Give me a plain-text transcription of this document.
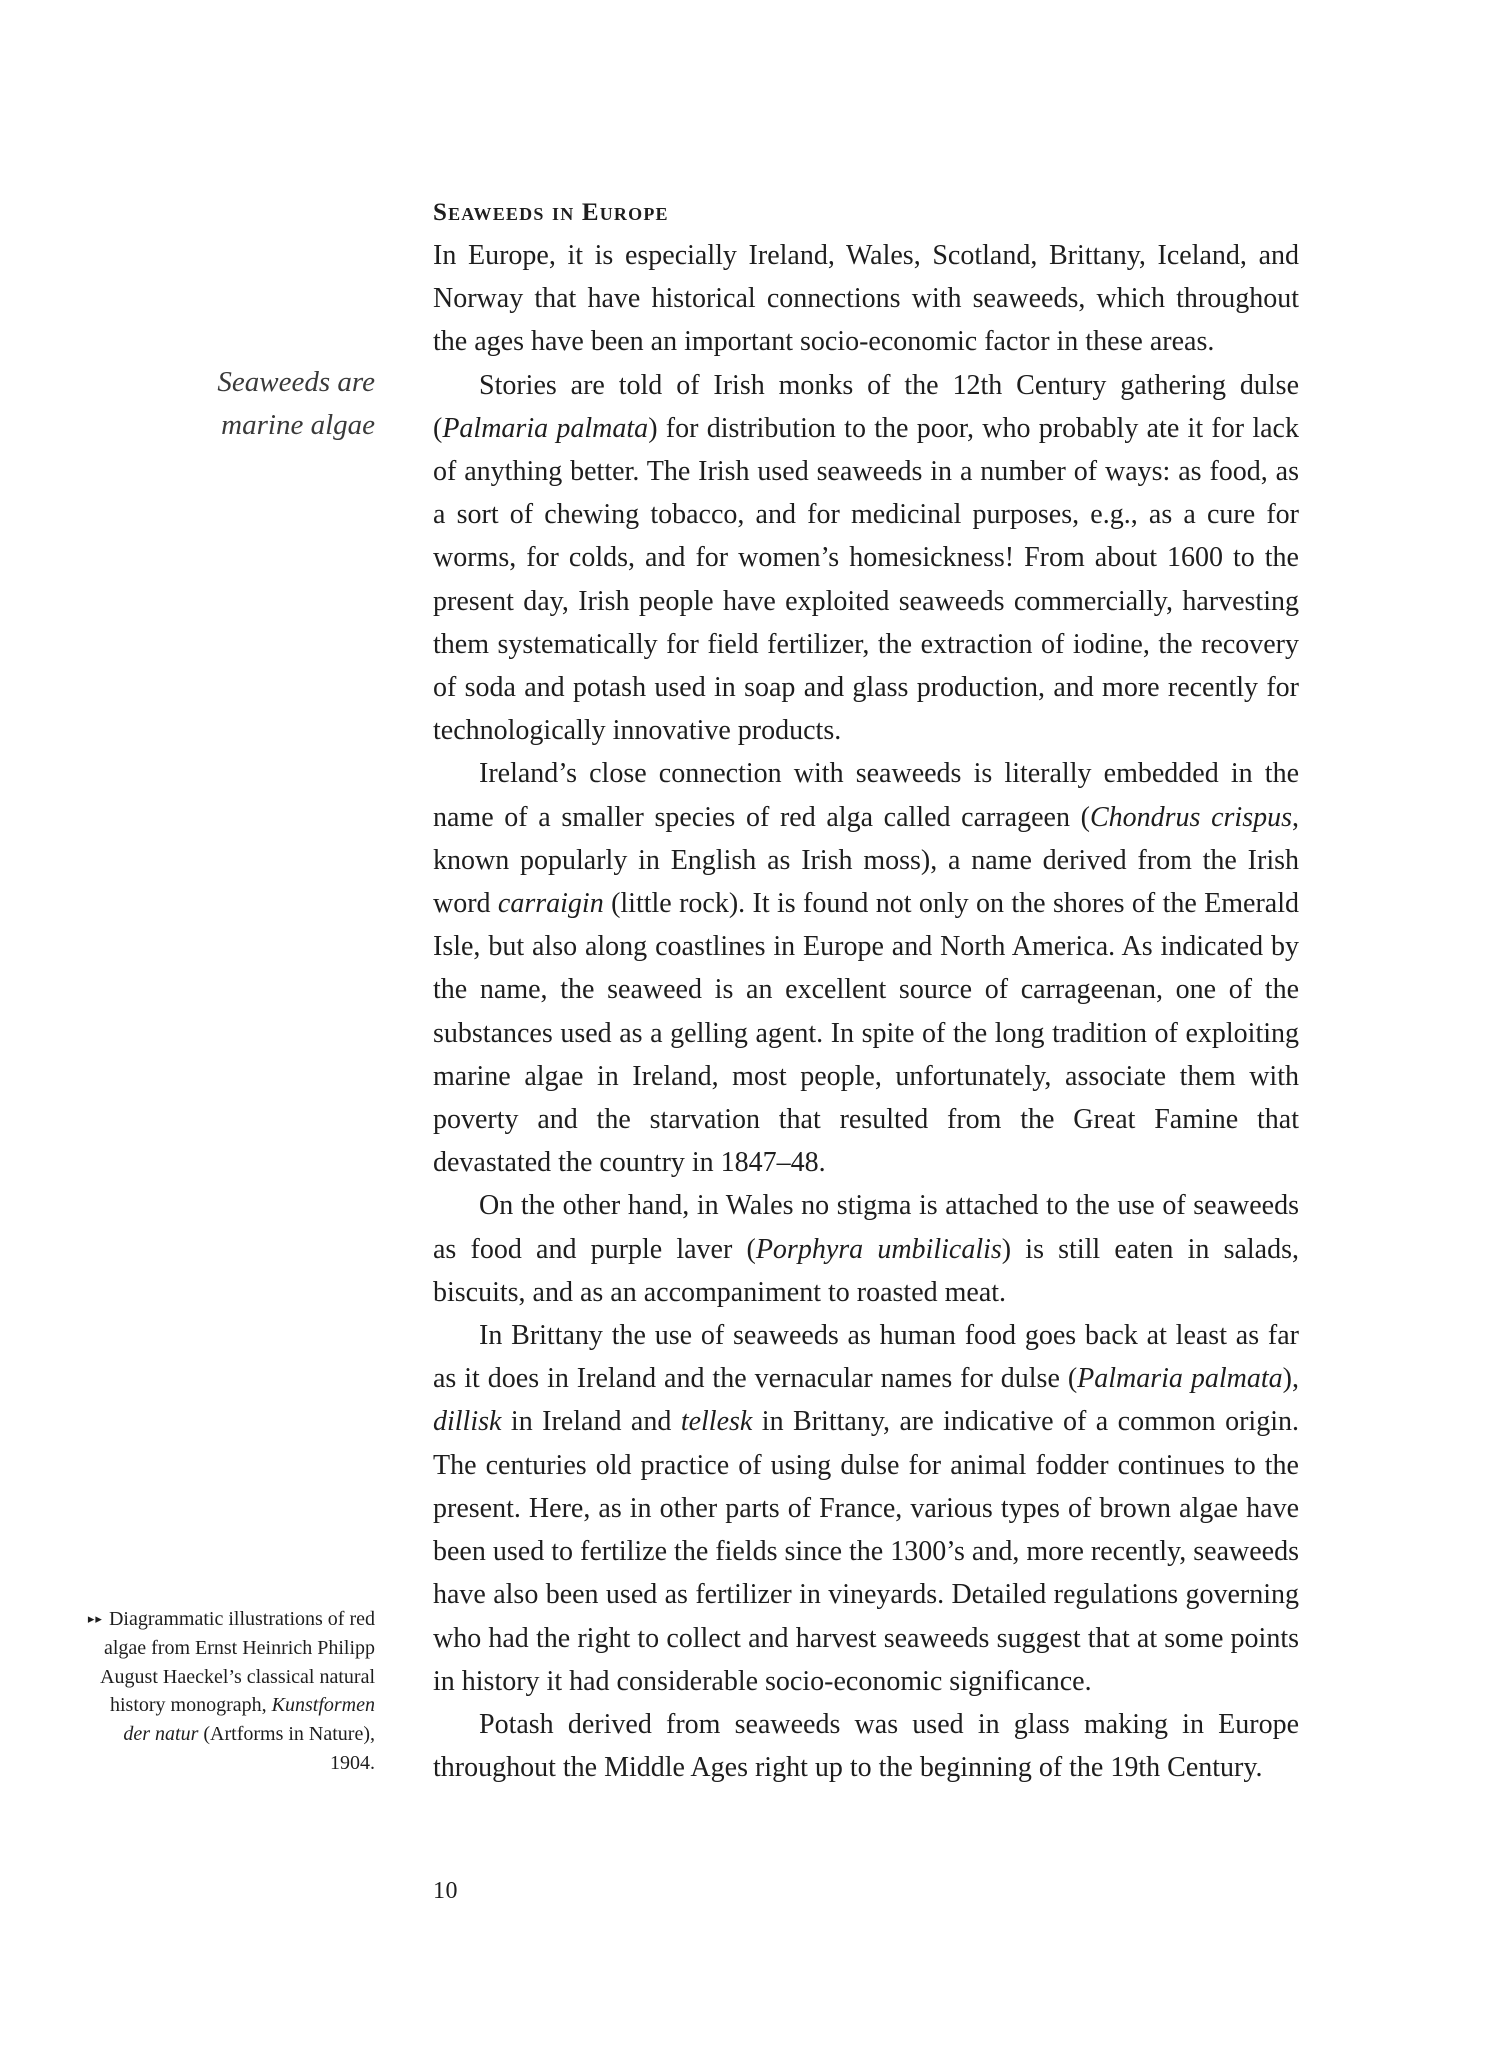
Seaweeds are
marine algae
Seaweeds in Europe

In Europe, it is especially Ireland, Wales, Scotland, Brittany, Iceland, and Norway that have historical connections with seaweeds, which throughout the ages have been an important socio-economic factor in these areas.

Stories are told of Irish monks of the 12th Century gathering dulse (Palmaria palmata) for distribution to the poor, who probably ate it for lack of anything better. The Irish used seaweeds in a number of ways: as food, as a sort of chewing tobacco, and for medicinal purposes, e.g., as a cure for worms, for colds, and for women’s homesickness! From about 1600 to the present day, Irish people have exploited seaweeds commercially, harvesting them systematically for field fertilizer, the extraction of iodine, the recovery of soda and potash used in soap and glass production, and more recently for technologically innovative products.

Ireland’s close connection with seaweeds is literally embedded in the name of a smaller species of red alga called carrageen (Chondrus crispus, known popularly in English as Irish moss), a name derived from the Irish word carraigin (little rock). It is found not only on the shores of the Emerald Isle, but also along coastlines in Europe and North America. As indicated by the name, the seaweed is an excellent source of carrageenan, one of the substances used as a gelling agent. In spite of the long tradition of exploiting marine algae in Ireland, most people, unfortunately, associate them with poverty and the starvation that resulted from the Great Famine that devastated the country in 1847–48.

On the other hand, in Wales no stigma is attached to the use of seaweeds as food and purple laver (Porphyra umbilicalis) is still eaten in salads, biscuits, and as an accompaniment to roasted meat.

In Brittany the use of seaweeds as human food goes back at least as far as it does in Ireland and the vernacular names for dulse (Palmaria palmata), dillisk in Ireland and tellesk in Brittany, are indicative of a common origin. The centuries old practice of using dulse for animal fodder continues to the present. Here, as in other parts of France, various types of brown algae have been used to fertilize the fields since the 1300’s and, more recently, seaweeds have also been used as fertilizer in vineyards. Detailed regulations governing who had the right to collect and harvest seaweeds suggest that at some points in history it had considerable socio-economic significance.

Potash derived from seaweeds was used in glass making in Europe throughout the Middle Ages right up to the beginning of the 19th Century.

▸▸ Diagrammatic illustrations of red algae from Ernst Heinrich Philipp August Haeckel’s classical natural history monograph, Kunstformen der natur (Artforms in Nature), 1904.
10
